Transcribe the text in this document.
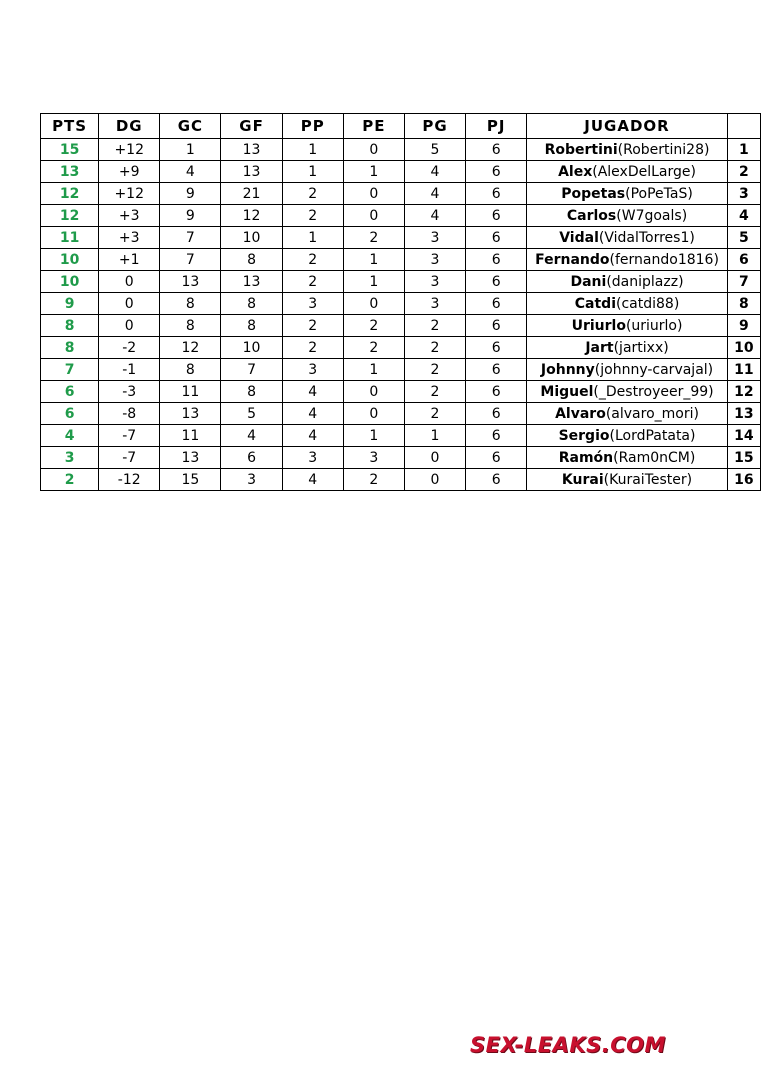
PTS	DG	GC	GF	PP	PE	PG	PJ	JUGADOR	
15	+12	1	13	1	0	5	6	Robertini(Robertini28)	1
13	+9	4	13	1	1	4	6	Alex(AlexDelLarge)	2
12	+12	9	21	2	0	4	6	Popetas(PoPeTaS)	3
12	+3	9	12	2	0	4	6	Carlos(W7goals)	4
11	+3	7	10	1	2	3	6	Vidal(VidalTorres1)	5
10	+1	7	8	2	1	3	6	Fernando(fernando1816)	6
10	0	13	13	2	1	3	6	Dani(daniplazz)	7
9	0	8	8	3	0	3	6	Catdi(catdi88)	8
8	0	8	8	2	2	2	6	Uriurlo(uriurlo)	9
8	-2	12	10	2	2	2	6	Jart(jartixx)	10
7	-1	8	7	3	1	2	6	Johnny(johnny-carvajal)	11
6	-3	11	8	4	0	2	6	Miguel(_Destroyeer_99)	12
6	-8	13	5	4	0	2	6	Alvaro(alvaro_mori)	13
4	-7	11	4	4	1	1	6	Sergio(LordPatata)	14
3	-7	13	6	3	3	0	6	Ramón(Ram0nCM)	15
2	-12	15	3	4	2	0	6	Kurai(KuraiTester)	16
SEX-LEAKS.COM
